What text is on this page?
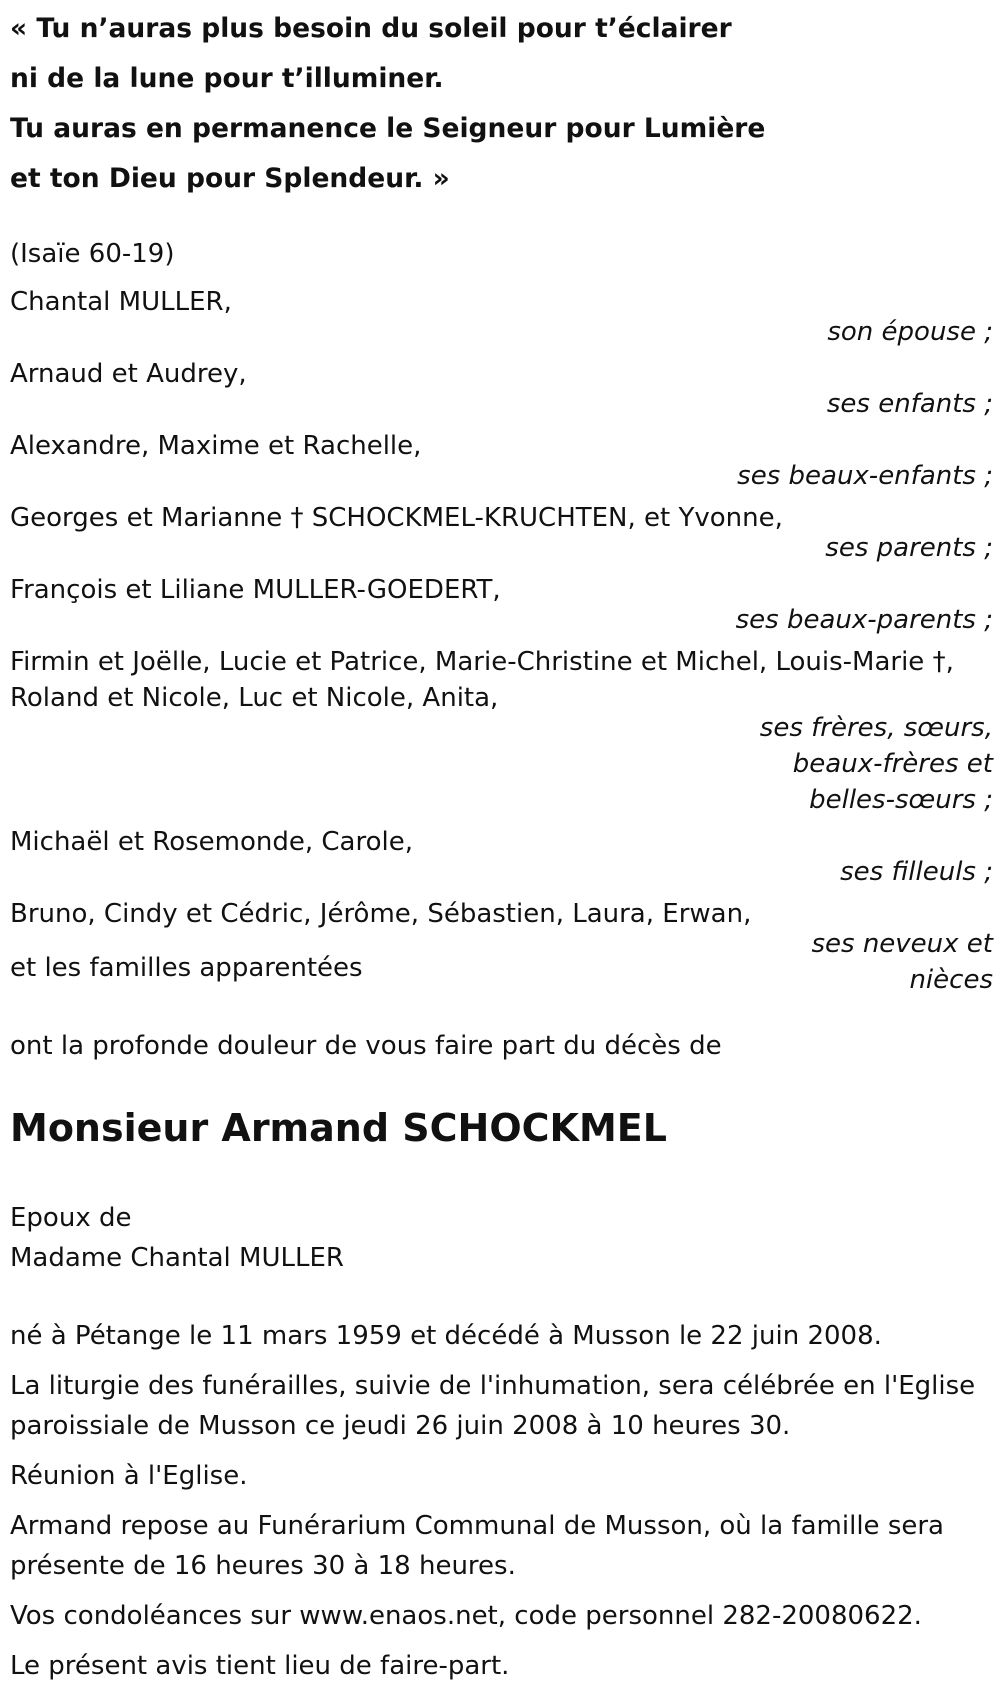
« Tu n’auras plus besoin du soleil pour t’éclairer
ni de la lune pour t’illuminer.
Tu auras en permanence le Seigneur pour Lumière
et ton Dieu pour Splendeur. »
(Isaïe 60-19)
Chantal MULLER,
son épouse ;
Arnaud et Audrey,
ses enfants ;
Alexandre, Maxime et Rachelle,
ses beaux-enfants ;
Georges et Marianne † SCHOCKMEL-KRUCHTEN, et Yvonne,
ses parents ;
François et Liliane MULLER-GOEDERT,
ses beaux-parents ;
Firmin et Joëlle, Lucie et Patrice, Marie-Christine et Michel, Louis-Marie †,
Roland et Nicole, Luc et Nicole, Anita,
ses frères, sœurs,
beaux-frères et
belles-sœurs ;
Michaël et Rosemonde, Carole,
ses filleuls ;
Bruno, Cindy et Cédric, Jérôme, Sébastien, Laura, Erwan,
ses neveux et
nièces
et les familles apparentées
ont la profonde douleur de vous faire part du décès de
Monsieur Armand SCHOCKMEL
Epoux de
Madame Chantal MULLER

né à Pétange le 11 mars 1959 et décédé à Musson le 22 juin 2008.

La liturgie des funérailles, suivie de l'inhumation, sera célébrée en l'Eglise paroissiale de Musson ce jeudi 26 juin 2008 à 10 heures 30.

Réunion à l'Eglise.

Armand repose au Funérarium Communal de Musson, où la famille sera présente de 16 heures 30 à 18 heures.

Vos condoléances sur www.enaos.net, code personnel 282-20080622.

Le présent avis tient lieu de faire-part.
